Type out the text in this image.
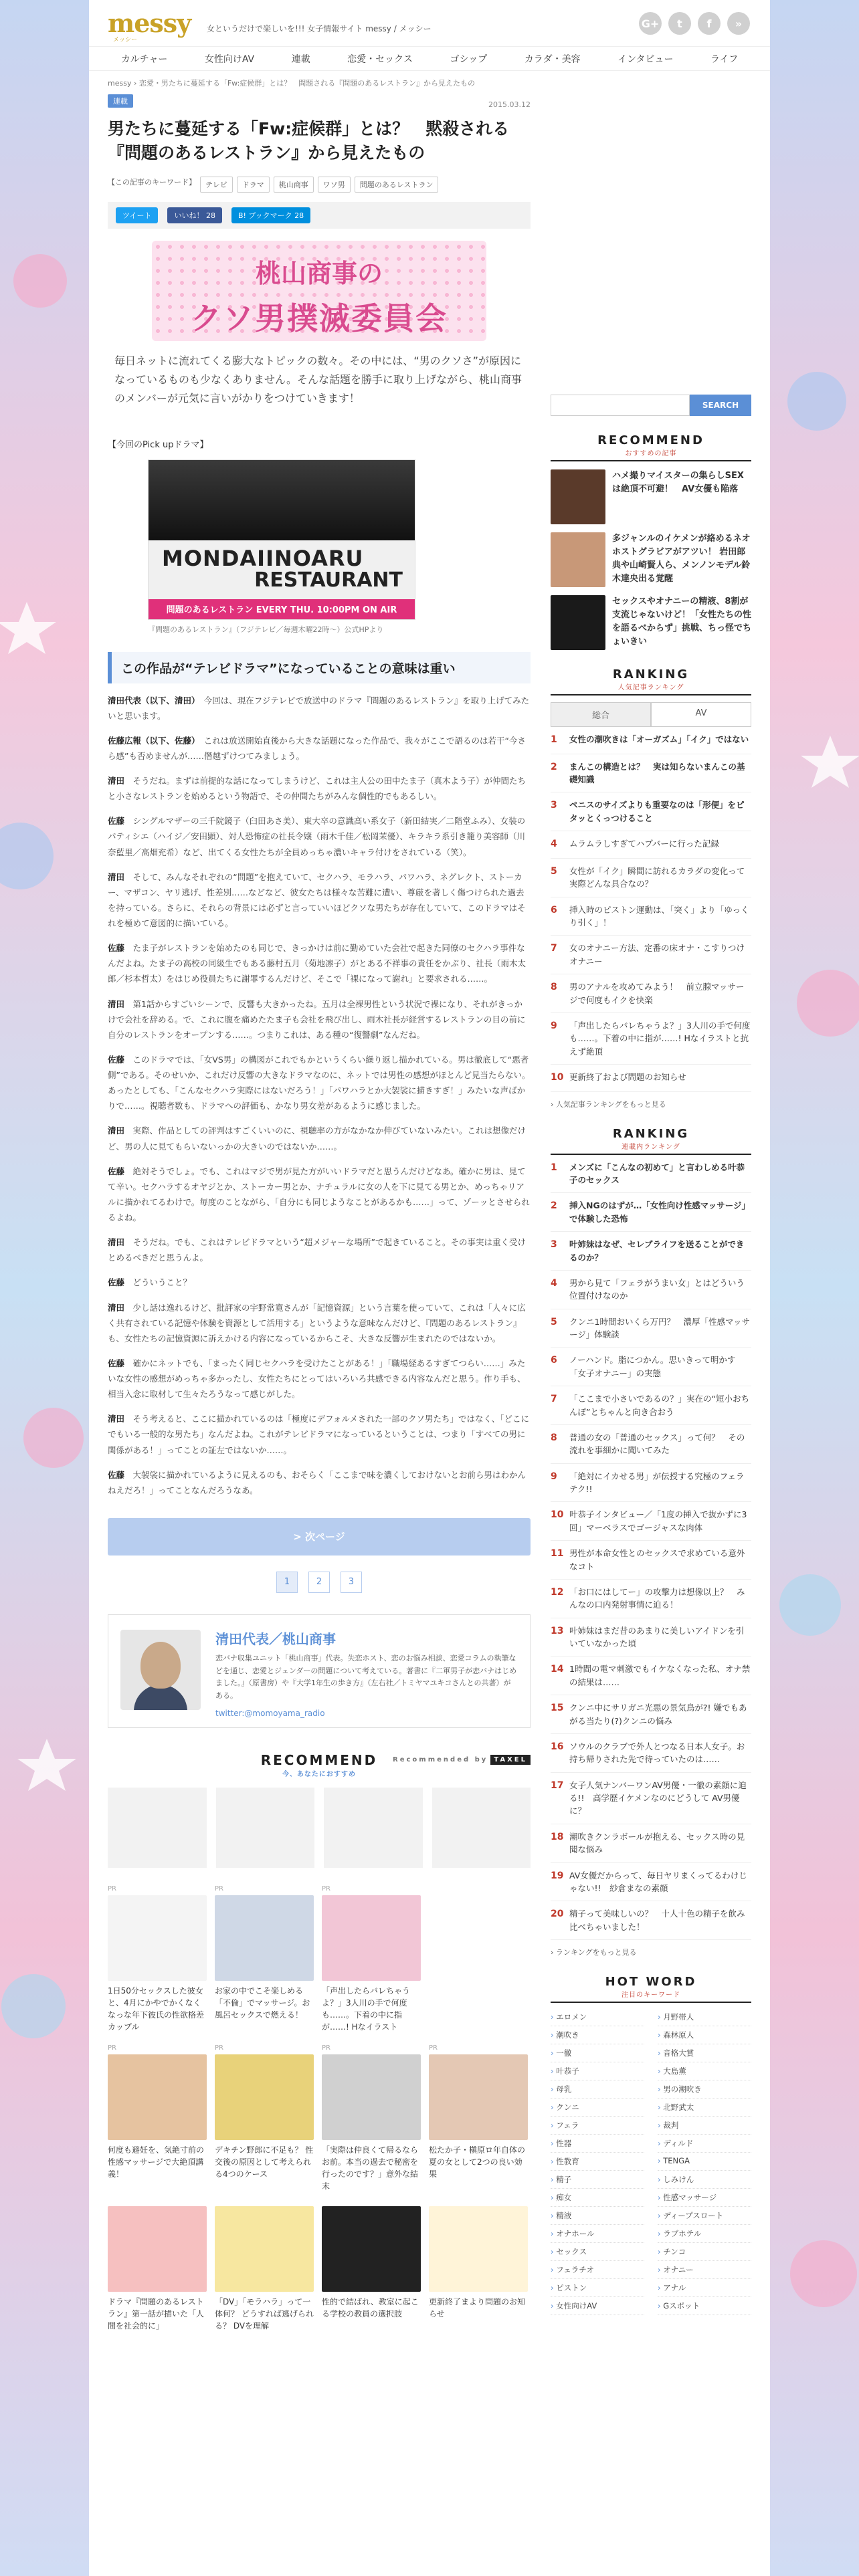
messy
メッシー
女というだけで楽しいを!!! 女子情報サイト messy / メッシー	G+	t	f	»
カルチャー	女性向けAV	連載	恋愛・セックス	ゴシップ	カラダ・美容	インタビュー	ライフ
messy › 恋愛・男たちに蔓延する「Fw:症候群」とは？　問題される『問題のあるレストラン』から見えたもの
連載	2015.03.12
男たちに蔓延する「Fw:症候群」とは？　黙殺される『問題のあるレストラン』から見えたもの
【この記事のキーワード】	テレビ	ドラマ	桃山商事	ワソ男	問題のあるレストラン
ツイート	いいね！ 28	B! ブックマーク 28
桃山商事の
クソ男撲滅委員会

毎日ネットに流れてくる膨大なトピックの数々。その中には、“男のクソさ”が原因になっているものも少なくありません。そんな話題を勝手に取り上げながら、桃山商事のメンバーが元気に言いがかりをつけていきます！

【今回のPick upドラマ】
MONDAIINOARU
RESTAURANT
問題のあるレストラン EVERY THU. 10:00PM ON AIR
『問題のあるレストラン』（フジテレビ／毎週木曜22時～）公式HPより
この作品が“テレビドラマ”になっていることの意味は重い

清田代表（以下、清田）　 今回は、現在フジテレビで放送中のドラマ『問題のあるレストラン』を取り上げてみたいと思います。

佐藤広報（以下、佐藤）　 これは放送開始直後から大きな話題になった作品で、我々がここで語るのは若干“今さら感”も否めませんが……僭越ずけつてみましょう。

清田　 そうだね。まずは前提的な話になってしまうけど、これは主人公の田中たま子（真木よう子）が仲間たちと小さなレストランを始めるという物語で、その仲間たちがみんな個性的でもあるしい。

佐藤　 シングルマザーの三千院鏡子（臼田あさ美）、東大卒の意識高い系女子（新田結実／二階堂ふみ）、女装のパティシエ（ハイジ／安田顕）、対人恐怖症の社長令嬢（雨木千佳／松岡茉優）、キラキラ系引き籠り美容師（川奈藍里／高畑充希）など、出てくる女性たちが全員めっちゃ濃いキャラ付けをされている（笑）。

清田　 そして、みんなそれぞれの“問題”を抱えていて、セクハラ、モラハラ、パワハラ、ネグレクト、ストーカー、マザコン、ヤリ逃げ、性差別……などなど、彼女たちは様々な苦難に遭い、尊厳を著しく傷つけられた過去を持っている。さらに、それらの背景には必ずと言っていいほどクソな男たちが存在していて、このドラマはそれを極めて意図的に描いている。

佐藤　 たま子がレストランを始めたのも同じで、きっかけは前に勤めていた会社で起きた同僚のセクハラ事件なんだよね。たま子の高校の同級生でもある藤村五月（菊地凛子）がとある不祥事の責任をかぶり、社長（雨木太郎／杉本哲太）をはじめ役員たちに謝罪するんだけど、そこで「裸になって謝れ」と要求される……。

清田　 第1話からすごいシーンで、反響も大きかったね。五月は全裸男性という状況で裸になり、それがきっかけで会社を辞める。で、これに腹を痛めたたま子も会社を飛び出し、雨木社長が経営するレストランの目の前に自分のレストランをオープンする……。つまりこれは、ある種の“復讐劇”なんだね。

佐藤　 このドラマでは、「女VS男」の構図がこれでもかというくらい繰り返し描かれている。男は徹底して“悪者側”である。そのせいか、これだけ反響の大きなドラマなのに、ネットでは男性の感想がほとんど見当たらない。あったとしても、「こんなセクハラ実際にはないだろう！」「パワハラとか大袈裟に描きすぎ！」みたいな声ばかりで……。視聴者数も、ドラマへの評価も、かなり男女差があるように感じました。

清田　 実際、作品としての評判はすごくいいのに、視聴率の方がなかなか伸びていないみたい。これは想像だけど、男の人に見てもらいないっかの大きいのではないか……。

佐藤　 絶対そうでしょ。でも、これはマジで男が見た方がいいドラマだと思うんだけどなあ。確かに男は、見てて辛い。セクハラするオヤジとか、ストーカー男とか、ナチュラルに女の人を下に見てる男とか、めっちゃリアルに描かれてるわけで。毎度のことながら、「自分にも同じようなことがあるかも……」って、ゾーッとさせられるよね。

清田　 そうだね。でも、これはテレビドラマという“超メジャーな場所”で起きていること。その事実は重く受けとめるべきだと思うんよ。

佐藤　 どういうこと？

清田　 少し話は逸れるけど、批評家の宇野常寛さんが「記憶資源」という言葉を使っていて、これは「人々に広く共有されている記憶や体験を資源として活用する」というような意味なんだけど、『問題のあるレストラン』も、女性たちの記憶資源に訴えかける内容になっているからこそ、大きな反響が生まれたのではないか。

佐藤　 確かにネットでも、「まったく同じセクハラを受けたことがある！」「職場経あるすぎてつらい……」みたいな女性の感想がめっちゃ多かったし、女性たちにとってはいろいろ共感できる内容なんだと思う。作り手も、相当入念に取材して生々たろうなって感じがした。

清田　 そう考えると、ここに描かれているのは「極度にデフォルメされた一部のクソ男たち」ではなく、「どこにでもいる一般的な男たち」なんだよね。これがテレビドラマになっているということは、つまり「すべての男に関係がある！」ってことの証左ではないか……。

佐藤　 大袈裟に描かれているように見えるのも、おそらく「ここまで味を濃くしておけないとお前ら男はわかんねえだろ！」ってことなんだろうなあ。

> 次ページ
1	2	3
清田代表／桃山商事
恋バナ収集ユニット「桃山商事」代表。失恋ホスト、恋のお悩み相談、恋愛コラムの執筆などを通じ、恋愛とジェンダーの問題について考えている。著書に『二軍男子が恋バナはじめました。』（原書房）や『大学1年生の歩き方』（左右社／トミヤマユキコさんとの共著）がある。
twitter:@momoyama_radio
RECOMMEND
今、あなたにおすすめ
Recommended by TAXEL
PR
1日50分セックスした彼女と、4月にかやでかくなくなっな年下彼氏の性欲格差カップル
PR
お家の中でこそ楽しめる「不倫」でマッサージ。お風呂セックスで燃える！
PR
「声出したらバレちゃうよ？」3人川の手で何度も……。下着の中に指が……! Hなイラスト
PR
何度も避妊を、気絶寸前の性感マッサージで大絶頂講義！
PR
デキチン野郎に不足も？ 性交後の原因として考えられる4つのケース
PR
「実際は仲良くて帰るならお前。本当の過去で秘密を行ったのです？」意外な結末
PR
松たか子・槇原ロ年自体の夏の女として2つの良い効果
ドラマ『問題のあるレストラン』第一話が描いた「人間を社会的に」
「DV」「モラハラ」って一体何？ どうすれば逃げられる？ DVを理解
性的で結ばれ、教室に起こる学校の教員の選択肢
更新終了まより問題のお知らせ
SEARCH
RECOMMEND
おすすめの記事
ハメ撮りマイスターの集らしSEXは絶頂不可避！　AV女優も陥落
多ジャンルのイケメンが絡めるネオホストグラビアがアツい！ 岩田郎典や山崎賢人ら、メンノンモデル鈴木達央出る覚醒
セックスやオナニーの精液、8割が支流じゃないけど！「女性たちの性を語るべからず」挑戦、ちっ怪でちょいきい
RANKING
人気記事ランキング
総合	AV
1	女性の潮吹きは「オーガズム」「イク」ではない
2	まんこの構造とは？　実は知らないまんこの基礎知識
3	ペニスのサイズよりも重要なのは「形便」をピタッとくっつけること
4	ムラムラしすぎてハプバーに行った記録
5	女性が「イク」瞬間に訪れるカラダの変化って実際どんな具合なの？
6	挿入時のピストン運動は、「突く」より「ゆっくり引く」！
7	女のオナニー方法、定番の床オナ・こすりつけオナニー
8	男のアナルを攻めてみよう！　前立腺マッサージで何度もイクを快楽
9	「声出したらバレちゃうよ？」3人川の手で何度も……。下着の中に指が……! Hなイラストと抗えず絶頂
10 更新終了および問題のお知らせ
› 人気記事ランキングをもっと見る
RANKING
連載内ランキング
1	メンズに「こんなの初めて」と言わしめる叶恭子のセックス
2	挿入NGのはずが…「女性向け性感マッサージ」で体験した恐怖
3	叶姉妹はなぜ、セレブライフを送ることができるのか？
4	男から見て「フェラがうまい女」とはどういう位置付けなのか
5	クンニ1時間おいくら万円？　濃厚「性感マッサージ」体験談
6	ノーハンド。脂につかん。思いきって明かす「女子オナニー」の実態
7	「ここまで小さいであるの？」実在の“短小おちんぽ”とちゃんと向き合おう
8	普通の女の「普通のセックス」って何？　その流れを事細かに聞いてみた
9	「絶対にイカせる男」が伝授する究極のフェラテク!!
10 叶恭子インタビュー／「1度の挿入で抜かずに3回」マーベラスでゴージャスな肉体
11 男性が本命女性とのセックスで求めている意外なコト
12 「お口にはしてー」の攻撃力は想像以上？　みんなの口内発射事情に迫る！
13 叶姉妹はまだ昔のあまりに美しいアイドンを引いていなかった頃
14 1時間の電マ刺激でもイケなくなった私、オナ禁の結果は……
15 クンニ中にサリガニ光悪の景気鳥が?! 嫌でもあがる当たり(?)クンニの悩み
16 ソウルのクラブで外人とつなる日本人女子。お持ち帰りされた先で待っていたのは……
17 女子人気ナンバーワンAV男優・一徹の素顔に迫る!!　高学歴イケメンなのにどうして AV男優に？
18 潮吹きクンラボールが抱える、セックス時の見聞な悩み
19 AV女優だからって、毎日ヤリまくってるわけじゃない!!　紗倉まなの素顔
20 精子って美味しいの？　十人十色の精子を飲み比べちゃいました！
› ランキングをもっと見る
HOT WORD
注目のキーワード
› エロメン	› 月野帯人
› 潮吹き	› 森林原人
› 一徹	› 音格大賞
› 叶恭子	› 大島薫
› 母乳	› 男の潮吹き
› クンニ	› 北野武太
› フェラ	› 裁判
› 性器	› ディルド
› 性教育	› TENGA
› 精子	› しみけん
› 痴女	› 性感マッサージ
› 精液	› ディープスロート
› オナホール	› ラブホテル
› セックス	› チンコ
› フェラチオ	› オナニー
› ピストン	› アナル
› 女性向けAV	› Gスポット
